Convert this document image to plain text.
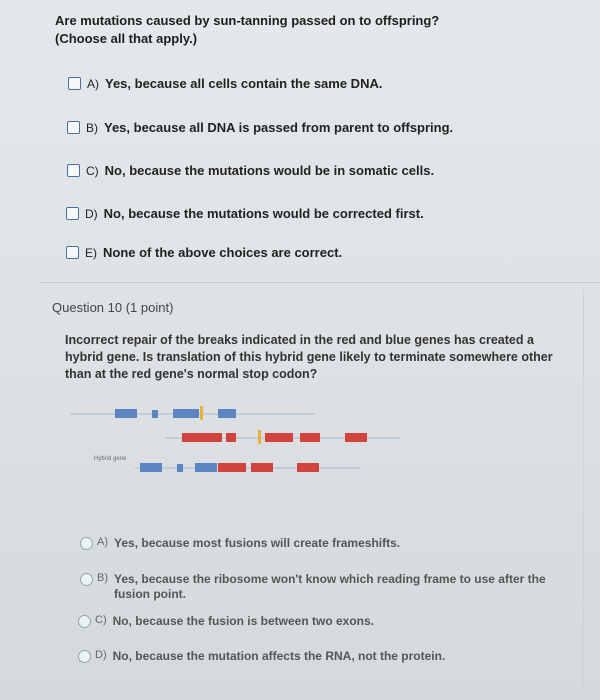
Are mutations caused by sun-tanning passed on to offspring?
(Choose all that apply.)
A) Yes, because all cells contain the same DNA.
B) Yes, because all DNA is passed from parent to offspring.
C) No, because the mutations would be in somatic cells.
D) No, because the mutations would be corrected first.
E) None of the above choices are correct.
Question 10 (1 point)
Incorrect repair of the breaks indicated in the red and blue genes has created a hybrid gene. Is translation of this hybrid gene likely to terminate somewhere other than at the red gene's normal stop codon?
Hybrid gene
A) Yes, because most fusions will create frameshifts.
B) Yes, because the ribosome won't know which reading frame to use after the fusion point.
C) No, because the fusion is between two exons.
D) No, because the mutation affects the RNA, not the protein.
